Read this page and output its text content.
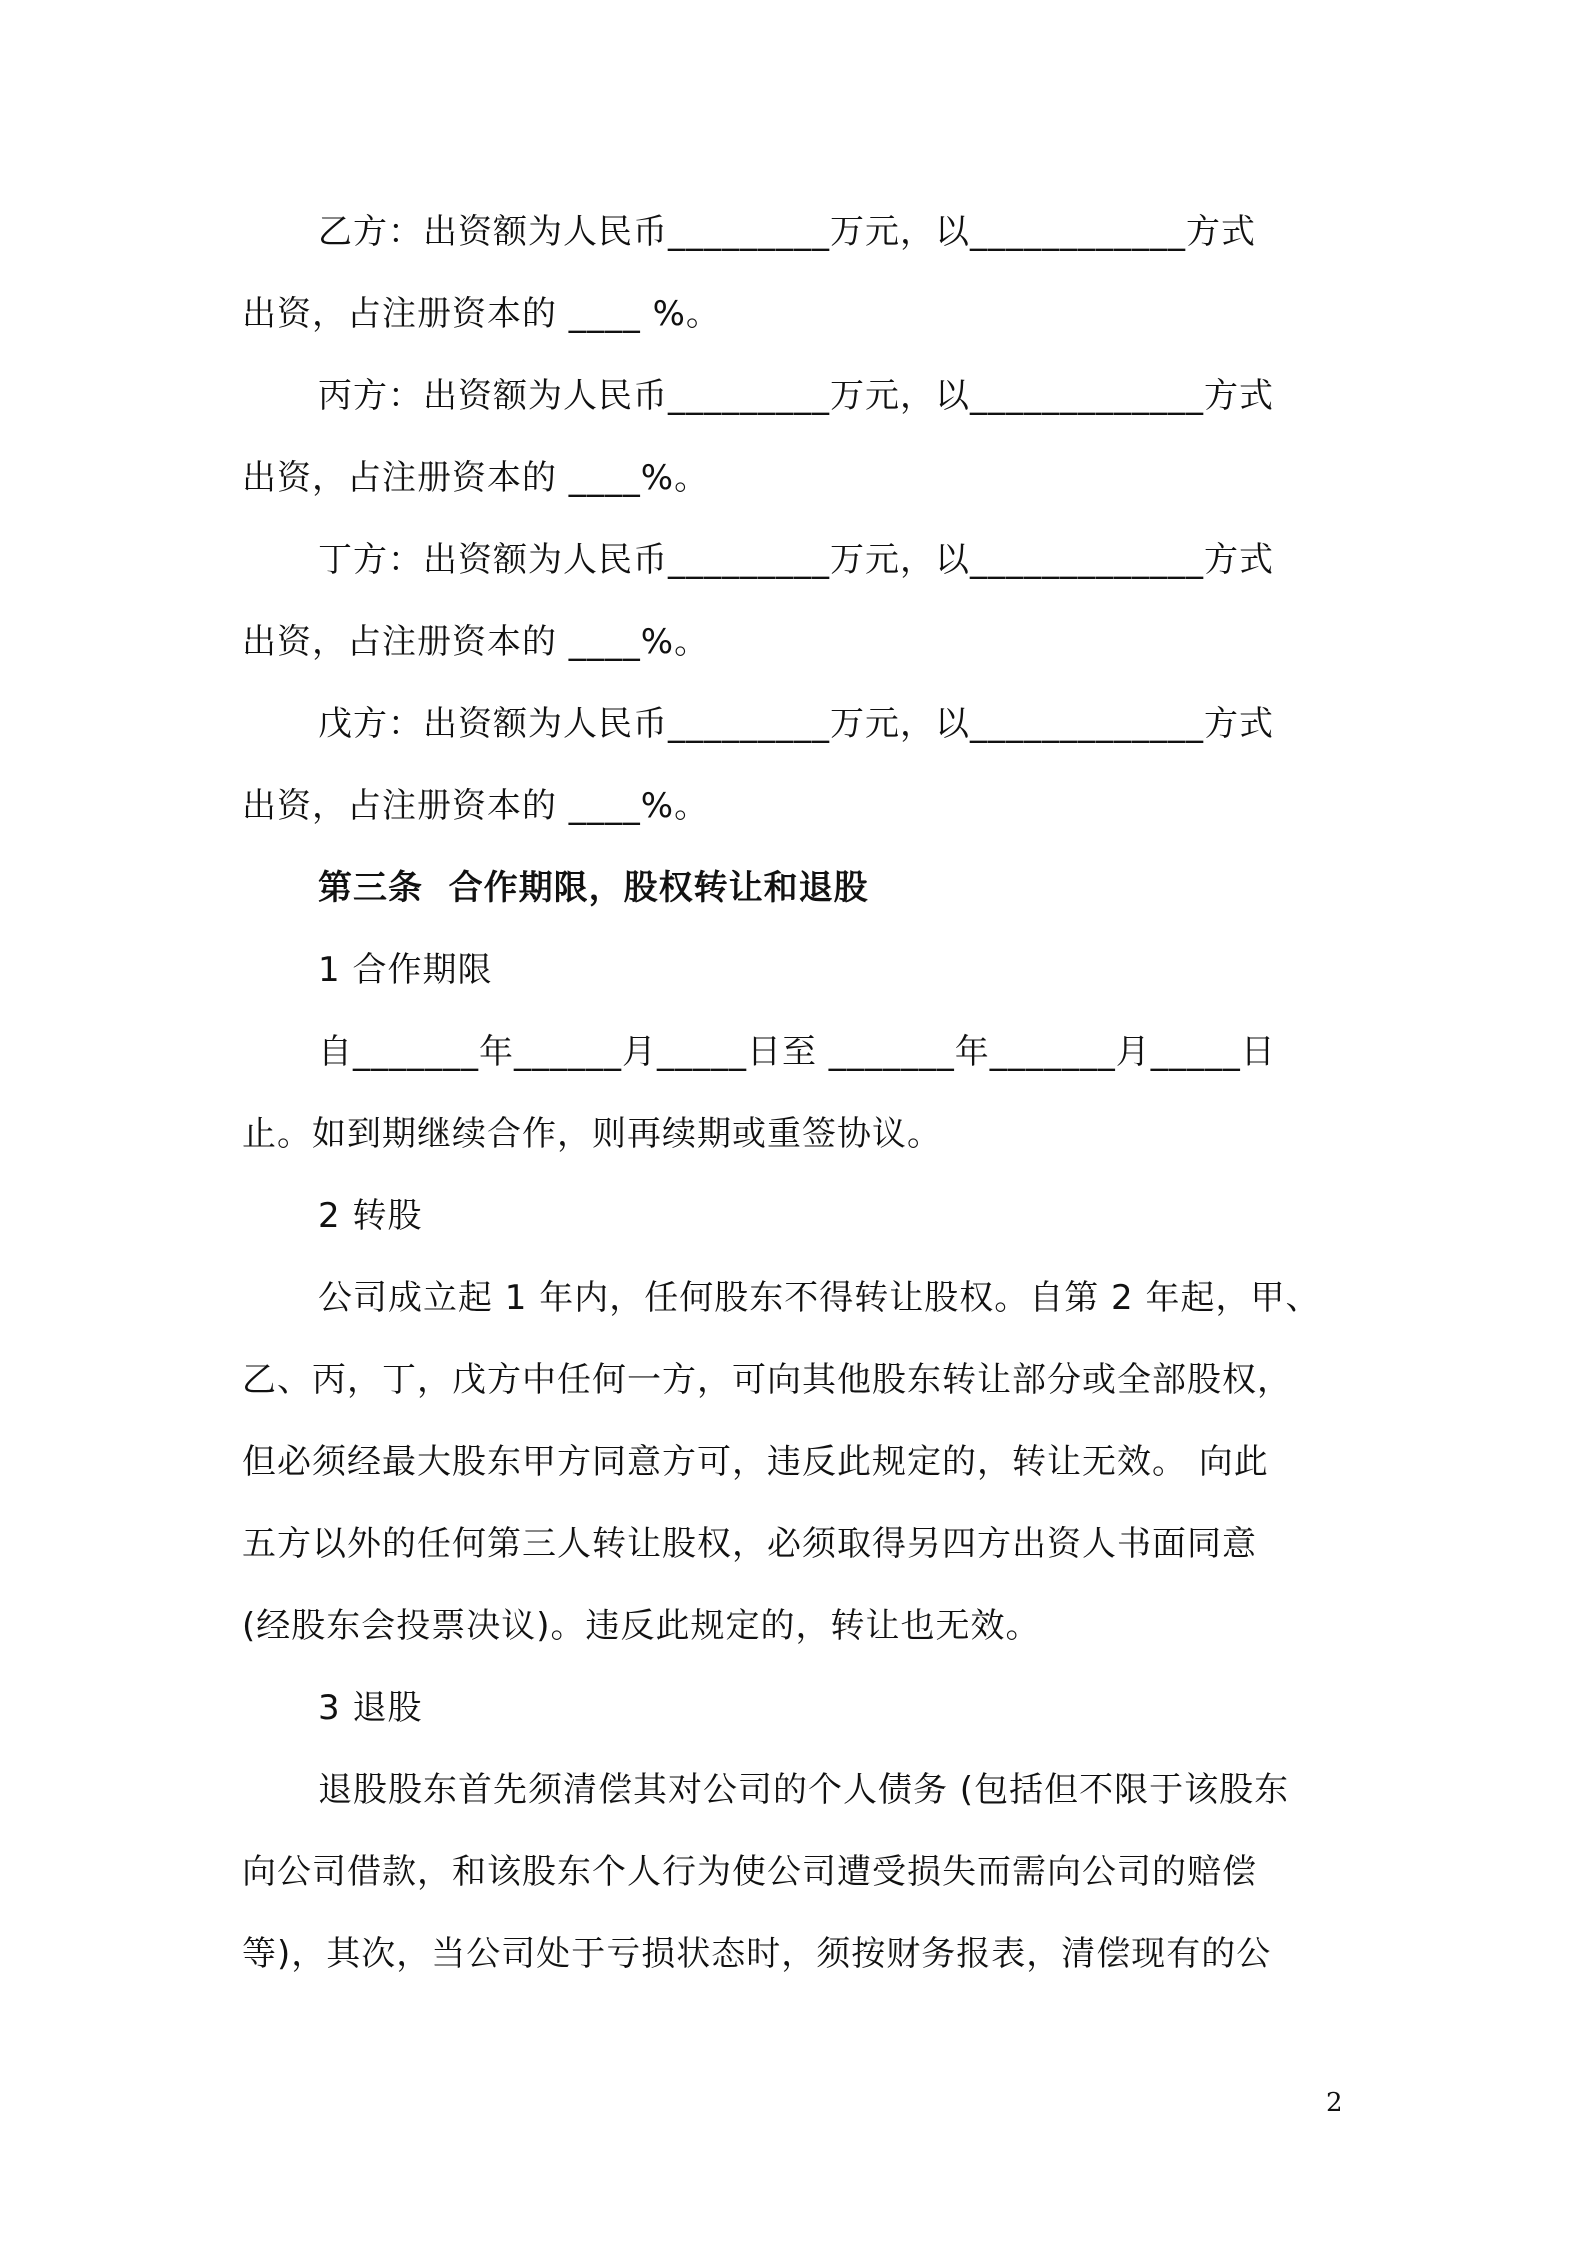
乙方：出资额为人民币_________万元，以____________方式
出资，占注册资本的 ____ %。
丙方：出资额为人民币_________万元，以_____________方式
出资，占注册资本的 ____%。
丁方：出资额为人民币_________万元，以_____________方式
出资，占注册资本的 ____%。
戊方：出资额为人民币_________万元，以_____________方式
出资，占注册资本的 ____%。
第三条  合作期限，股权转让和退股
1 合作期限
自_______年______月_____日至 _______年_______月_____日
止。如到期继续合作，则再续期或重签协议。
2 转股
公司成立起 1 年内，任何股东不得转让股权。自第 2 年起，甲、
乙、丙，丁，戊方中任何一方，可向其他股东转让部分或全部股权，
但必须经最大股东甲方同意方可，违反此规定的，转让无效。 向此
五方以外的任何第三人转让股权，必须取得另四方出资人书面同意
(经股东会投票决议)。违反此规定的，转让也无效。
3 退股
退股股东首先须清偿其对公司的个人债务 (包括但不限于该股东
向公司借款，和该股东个人行为使公司遭受损失而需向公司的赔偿
等)，其次，当公司处于亏损状态时，须按财务报表，清偿现有的公
2
